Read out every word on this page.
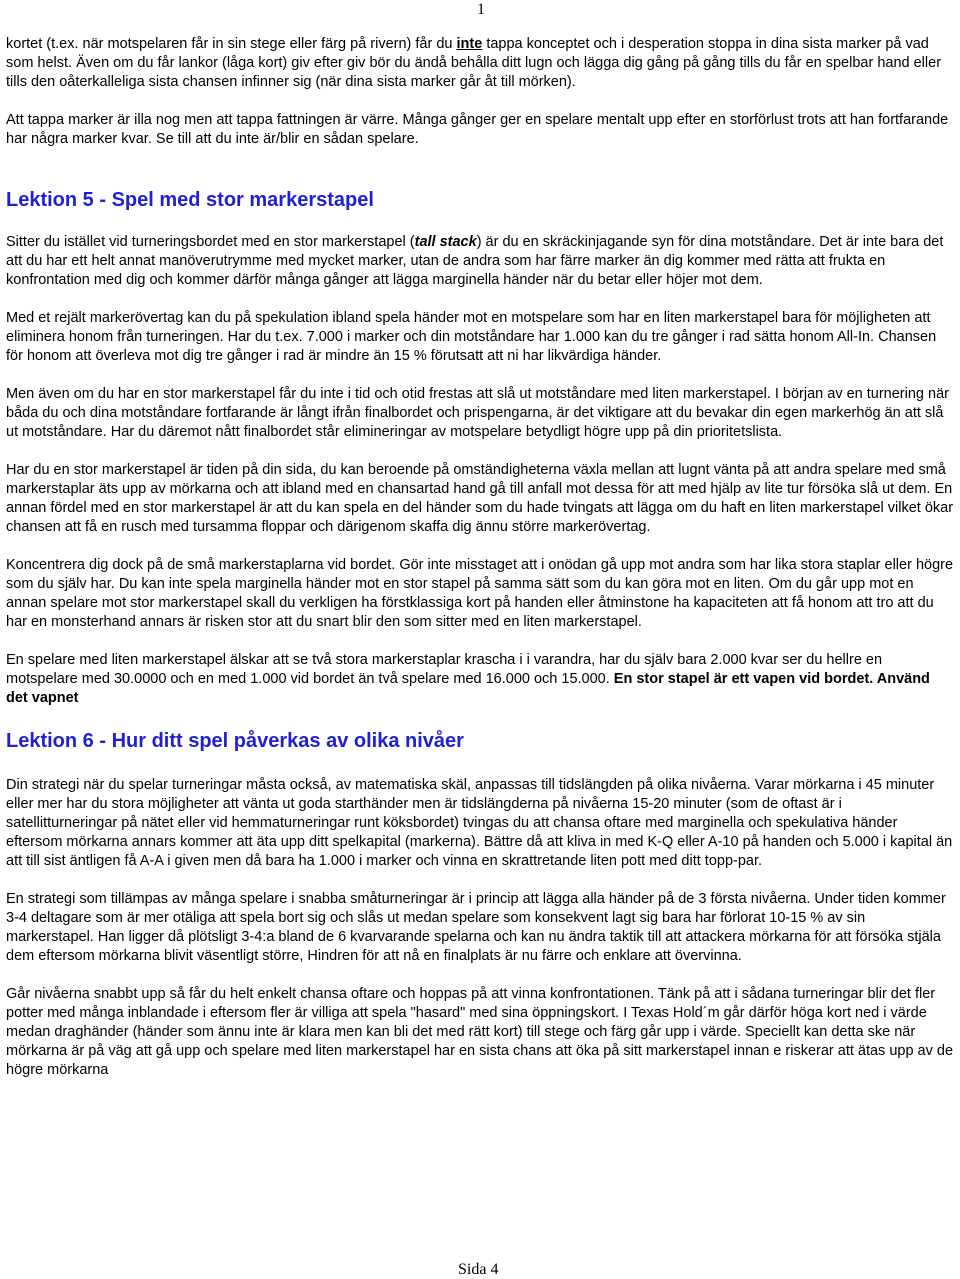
1

kortet (t.ex. när motspelaren får in sin stege eller färg på rivern) får du inte tappa konceptet och i desperation stoppa in dina sista marker på vad som helst. Även om du får lankor (låga kort) giv efter giv bör du ändå behålla ditt lugn och lägga dig gång på gång tills du får en spelbar hand eller tills den oåterkalleliga sista chansen infinner sig (när dina sista marker går åt till mörken).

Att tappa marker är illa nog men att tappa fattningen är värre. Många gånger ger en spelare mentalt upp efter en storförlust trots att han fortfarande har några marker kvar. Se till att du inte är/blir en sådan spelare.

Lektion 5 - Spel med stor markerstapel

Sitter du istället vid turneringsbordet med en stor markerstapel (tall stack) är du en skräckinjagande syn för dina motståndare. Det är inte bara det att du har ett helt annat manöverutrymme med mycket marker, utan de andra som har färre marker än dig kommer med rätta att frukta en konfrontation med dig och kommer därför många gånger att lägga marginella händer när du betar eller höjer mot dem.

Med et rejält markerövertag kan du på spekulation ibland spela händer mot en motspelare som har en liten markerstapel bara för möjligheten att eliminera honom från turneringen. Har du t.ex. 7.000 i marker och din motståndare har 1.000 kan du tre gånger i rad sätta honom All-In. Chansen för honom att överleva mot dig tre gånger i rad är mindre än 15 % förutsatt att ni har likvärdiga händer.

Men även om du har en stor markerstapel får du inte i tid och otid frestas att slå ut motståndare med liten markerstapel. I början av en turnering när båda du och dina motståndare fortfarande är långt ifrån finalbordet och prispengarna, är det viktigare att du bevakar din egen markerhög än att slå ut motståndare. Har du däremot nått finalbordet står elimineringar av motspelare betydligt högre upp på din prioritetslista.

Har du en stor markerstapel är tiden på din sida, du kan beroende på omständigheterna växla mellan att lugnt vänta på att andra spelare med små markerstaplar äts upp av mörkarna och att ibland med en chansartad hand gå till anfall mot dessa för att med hjälp av lite tur försöka slå ut dem. En annan fördel med en stor markerstapel är att du kan spela en del händer som du hade tvingats att lägga om du haft en liten markerstapel vilket ökar chansen att få en rusch med tursamma floppar och därigenom skaffa dig ännu större markerövertag.

Koncentrera dig dock på de små markerstaplarna vid bordet. Gör inte misstaget att i onödan gå upp mot andra som har lika stora staplar eller högre som du själv har. Du kan inte spela marginella händer mot en stor stapel på samma sätt som du kan göra mot en liten. Om du går upp mot en annan spelare mot stor markerstapel skall du verkligen ha förstklassiga kort på handen eller åtminstone ha kapaciteten att få honom att tro att du har en monsterhand annars är risken stor att du snart blir den som sitter med en liten markerstapel.

En spelare med liten markerstapel älskar att se två stora markerstaplar krascha i i varandra, har du själv bara 2.000 kvar ser du hellre en motspelare med 30.0000 och en med 1.000 vid bordet än två spelare med 16.000 och 15.000. En stor stapel är ett vapen vid bordet. Använd det vapnet

Lektion 6 - Hur ditt spel påverkas av olika nivåer

Din strategi när du spelar turneringar måsta också, av matematiska skäl, anpassas till tidslängden på olika nivåerna. Varar mörkarna i 45 minuter eller mer har du stora möjligheter att vänta ut goda starthänder men är tidslängderna på nivåerna 15-20 minuter (som de oftast är i satellitturneringar på nätet eller vid hemmaturneringar runt köksbordet) tvingas du att chansa oftare med marginella och spekulativa händer eftersom mörkarna annars kommer att äta upp ditt spelkapital (markerna). Bättre då att kliva in med K-Q eller A-10 på handen och 5.000 i kapital än att till sist äntligen få A-A i given men då bara ha 1.000 i marker och vinna en skrattretande liten pott med ditt topp-par.

En strategi som tillämpas av många spelare i snabba småturneringar är i princip att lägga alla händer på de 3 första nivåerna. Under tiden kommer 3-4 deltagare som är mer otäliga att spela bort sig och slås ut medan spelare som konsekvent lagt sig bara har förlorat 10-15 % av sin markerstapel. Han ligger då plötsligt 3-4:a bland de 6 kvarvarande spelarna och kan nu ändra taktik till att attackera mörkarna för att försöka stjäla dem eftersom mörkarna blivit väsentligt större, Hindren för att nå en finalplats är nu färre och enklare att övervinna.

Går nivåerna snabbt upp så får du helt enkelt chansa oftare och hoppas på att vinna konfrontationen. Tänk på att i sådana turneringar blir det fler potter med många inblandade i eftersom fler är villiga att spela "hasard" med sina öppningskort. I Texas Hold´m går därför höga kort ned i värde medan draghänder (händer som ännu inte är klara men kan bli det med rätt kort) till stege och färg går upp i värde. Speciellt kan detta ske när mörkarna är på väg att gå upp och spelare med liten markerstapel har en sista chans att öka på sitt markerstapel innan e riskerar att ätas upp av de högre mörkarna

Sida 4
